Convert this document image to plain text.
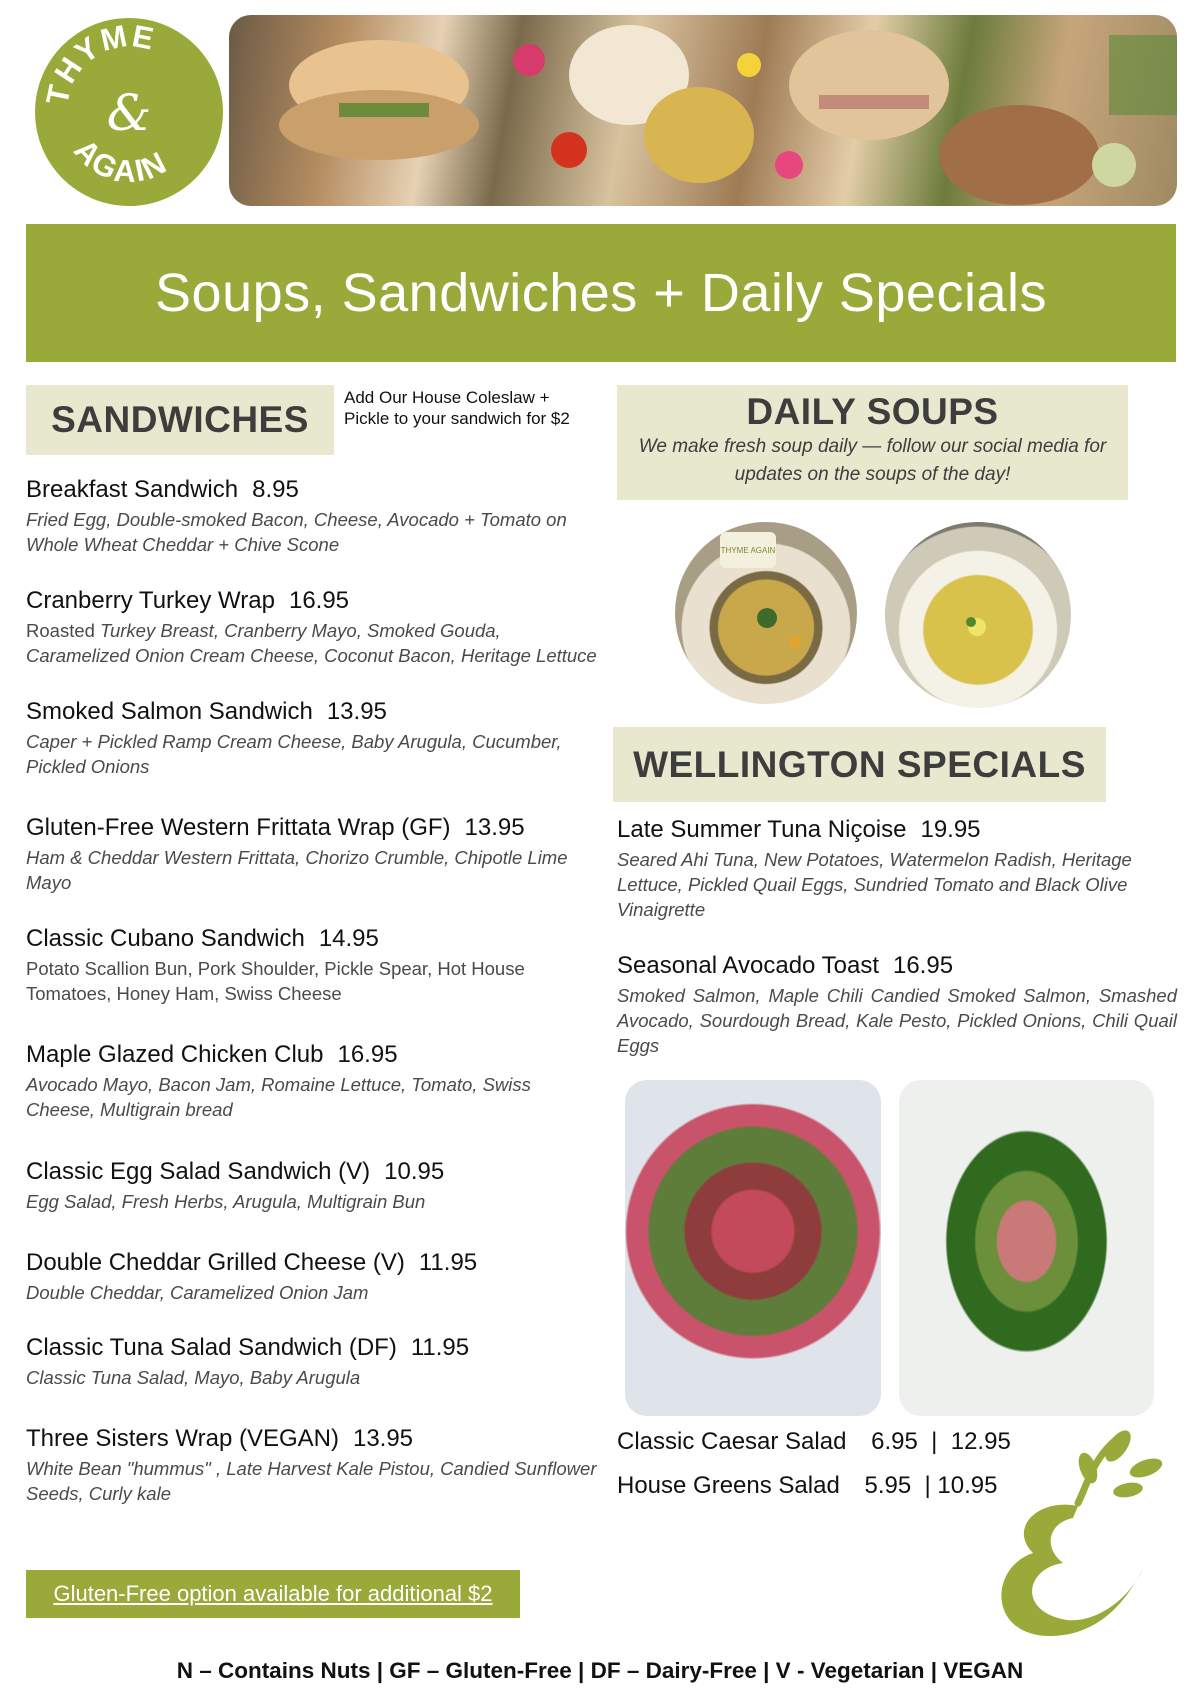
THYME
&
AGAIN
Soups, Sandwiches + Daily Specials
SANDWICHES
Add Our House Coleslaw + Pickle to your sandwich for $2
Breakfast Sandwich 8.95
Fried Egg, Double-smoked Bacon, Cheese, Avocado + Tomato on Whole Wheat Cheddar + Chive Scone
Cranberry Turkey Wrap 16.95
Roasted Turkey Breast, Cranberry Mayo, Smoked Gouda, Caramelized Onion Cream Cheese, Coconut Bacon, Heritage Lettuce
Smoked Salmon Sandwich 13.95
Caper + Pickled Ramp Cream Cheese, Baby Arugula, Cucumber, Pickled Onions
Gluten-Free Western Frittata Wrap (GF) 13.95
Ham & Cheddar Western Frittata, Chorizo Crumble, Chipotle Lime Mayo
Classic Cubano Sandwich 14.95
Potato Scallion Bun, Pork Shoulder, Pickle Spear, Hot House Tomatoes, Honey Ham, Swiss Cheese
Maple Glazed Chicken Club 16.95
Avocado Mayo, Bacon Jam, Romaine Lettuce, Tomato, Swiss Cheese, Multigrain bread
Classic Egg Salad Sandwich (V) 10.95
Egg Salad, Fresh Herbs, Arugula, Multigrain Bun
Double Cheddar Grilled Cheese (V) 11.95
Double Cheddar, Caramelized Onion Jam
Classic Tuna Salad Sandwich (DF) 11.95
Classic Tuna Salad, Mayo, Baby Arugula
Three Sisters Wrap (VEGAN) 13.95
White Bean "hummus" , Late Harvest Kale Pistou, Candied Sunflower Seeds, Curly kale
DAILY SOUPS
We make fresh soup daily — follow our social media for updates on the soups of the day!
THYME AGAIN
WELLINGTON SPECIALS
Late Summer Tuna Niçoise 19.95
Seared Ahi Tuna, New Potatoes, Watermelon Radish, Heritage Lettuce, Pickled Quail Eggs, Sundried Tomato and Black Olive Vinaigrette
Seasonal Avocado Toast 16.95
Smoked Salmon, Maple Chili Candied Smoked Salmon, Smashed Avocado, Sourdough Bread, Kale Pesto, Pickled Onions, Chili Quail Eggs
Classic Caesar Salad 6.95  |  12.95
House Greens Salad 5.95  | 10.95
Gluten-Free option available for additional $2
N – Contains Nuts | GF – Gluten-Free | DF – Dairy-Free | V - Vegetarian | VEGAN
